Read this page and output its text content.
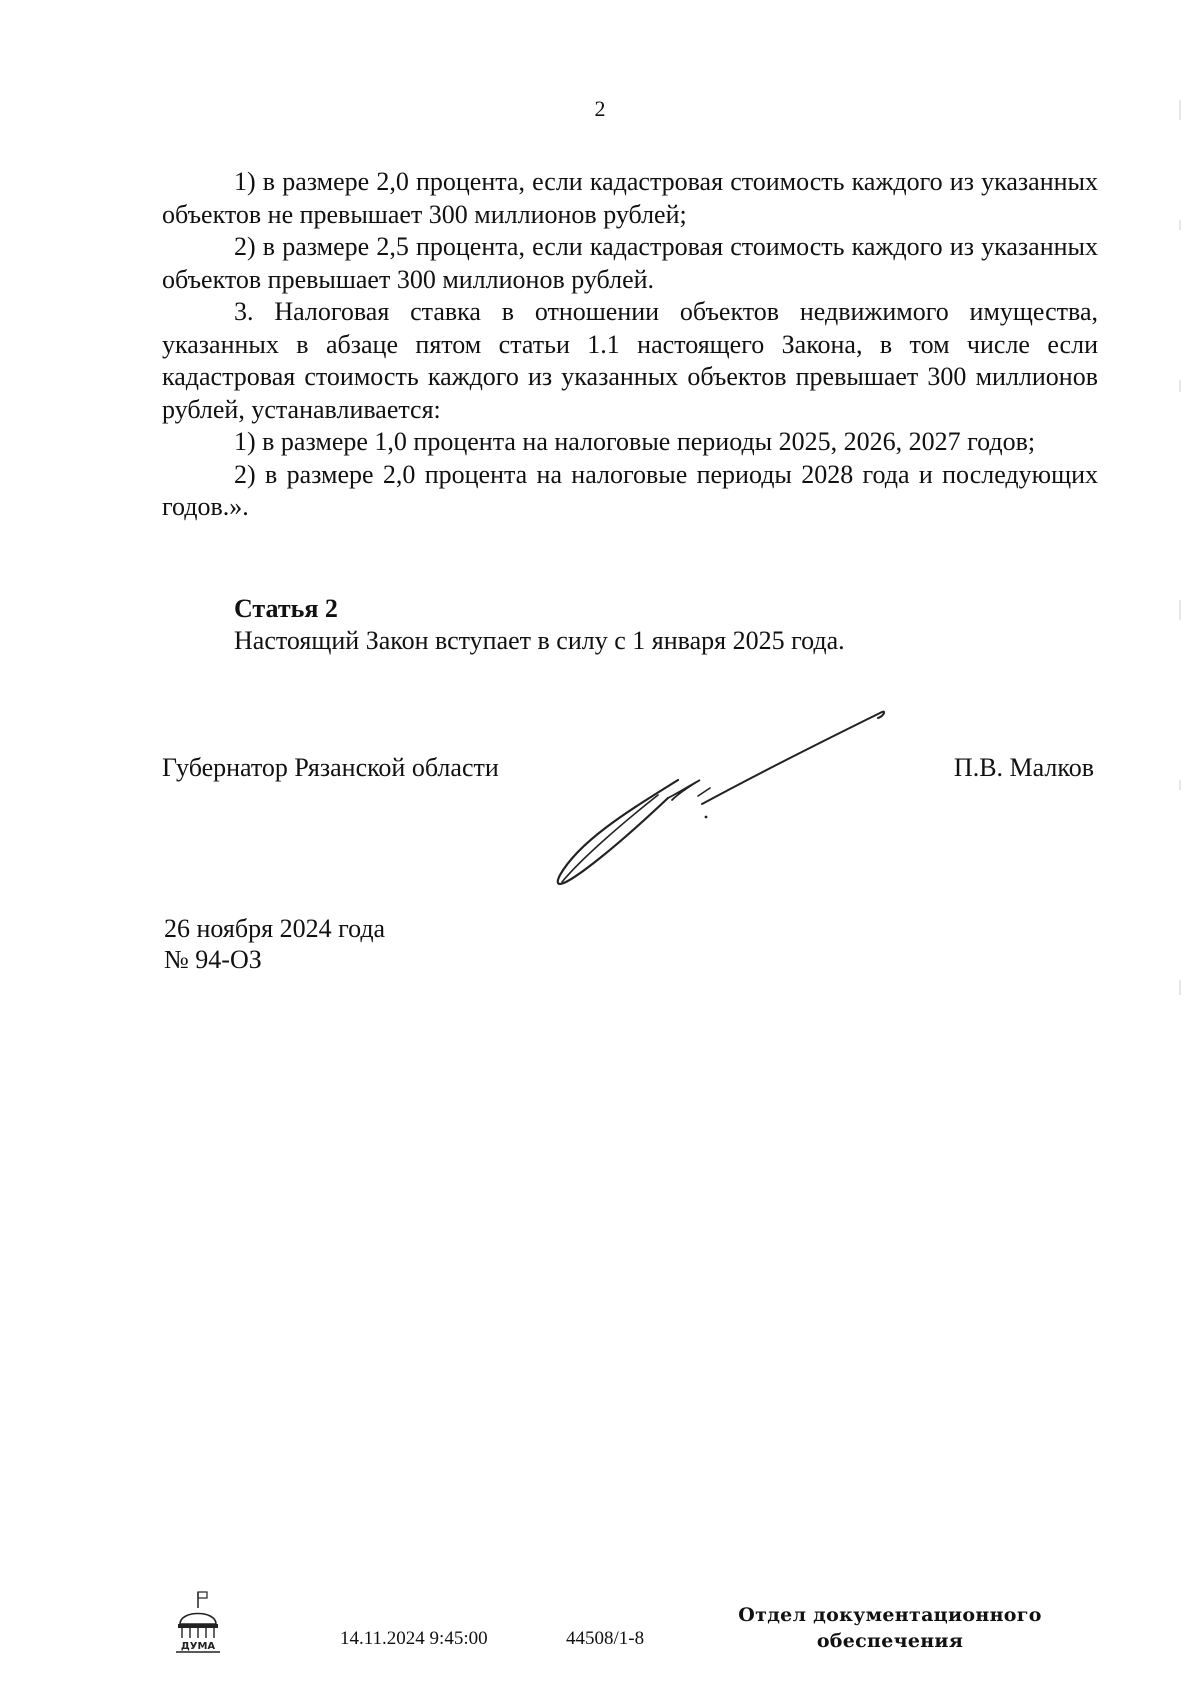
2

1) в размере 2,0 процента, если кадастровая стоимость каждого из указанных объектов не превышает 300 миллионов рублей;

2) в размере 2,5 процента, если кадастровая стоимость каждого из указанных объектов превышает 300 миллионов рублей.

3. Налоговая ставка в отношении объектов недвижимого имущества, указанных в абзаце пятом статьи 1.1 настоящего Закона, в том числе если кадастровая стоимость каждого из указанных объектов превышает 300 миллионов рублей, устанавливается:

1) в размере 1,0 процента на налоговые периоды 2025, 2026, 2027 годов;

2) в размере 2,0 процента на налоговые периоды 2028 года и последующих годов.».

Статья 2
Настоящий Закон вступает в силу с 1 января 2025 года.
Губернатор Рязанской области	П.В. Малков
26 ноября 2024 года
№ 94-ОЗ
ДУМА	14.11.2024 9:45:00	44508/1-8
Отдел документационного обеспечения
